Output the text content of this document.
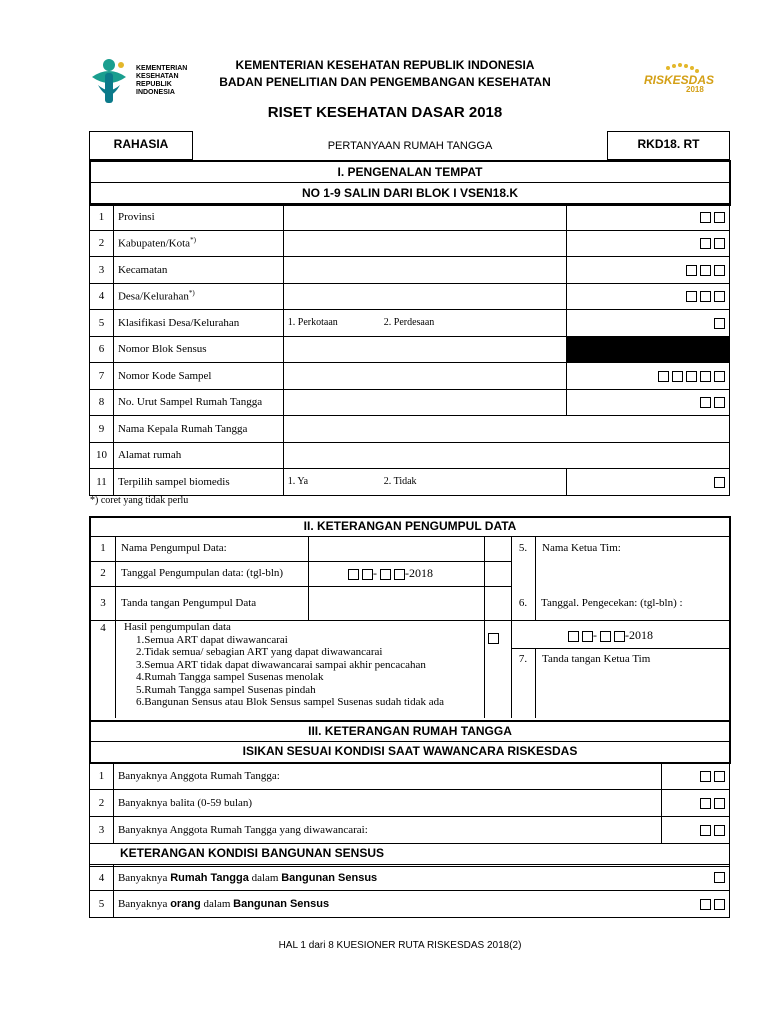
KEMENTERIAN
KESEHATAN
REPUBLIK
INDONESIA
KEMENTERIAN KESEHATAN REPUBLIK INDONESIA
BADAN PENELITIAN DAN PENGEMBANGAN KESEHATAN
RISET KESEHATAN DASAR 2018
RISKESDAS
2018
RAHASIA	PERTANYAAN RUMAH TANGGA	RKD18. RT
I. PENGENALAN TEMPAT
NO 1-9 SALIN DARI BLOK I VSEN18.K
1	Provinsi		
2	Kabupaten/Kota*)		
3	Kecamatan		
4	Desa/Kelurahan*)		
5	Klasifikasi Desa/Kelurahan	1. Perkotaan 2. Perdesaan	
6	Nomor Blok Sensus		
7	Nomor Kode Sampel		
8	No. Urut Sampel Rumah Tangga		
9	Nama Kepala Rumah Tangga		
10	Alamat rumah		
11	Terpilih sampel biomedis	1. Ya 2. Tidak	
*) coret yang tidak perlu
II. KETERANGAN PENGUMPUL DATA
1	Nama Pengumpul Data:
2	Tanggal Pengumpulan data: (tgl-bln)	- -2018
3	Tanda tangan Pengumpul Data
4	Hasil pengumpulan data
1.Semua ART dapat diwawancarai
2.Tidak semua/ sebagian ART yang dapat diwawancarai
3.Semua ART tidak dapat diwawancarai sampai akhir pencacahan
4.Rumah Tangga sampel Susenas menolak
5.Rumah Tangga sampel Susenas pindah
6.Bangunan Sensus atau Blok Sensus sampel Susenas sudah tidak ada
5.	Nama Ketua Tim:
6.	Tanggal. Pengecekan: (tgl-bln) :
- -2018
7.	Tanda tangan Ketua Tim
III. KETERANGAN RUMAH TANGGA
ISIKAN SESUAI KONDISI SAAT WAWANCARA RISKESDAS
1	Banyaknya Anggota Rumah Tangga:	
2	Banyaknya balita (0-59 bulan)	
3	Banyaknya Anggota Rumah Tangga yang diwawancarai:	

KETERANGAN KONDISI BANGUNAN SENSUS
4	Banyaknya Rumah Tangga dalam Bangunan Sensus	
5	Banyaknya orang dalam Bangunan Sensus	
HAL 1 dari 8 KUESIONER RUTA RISKESDAS 2018(2)
